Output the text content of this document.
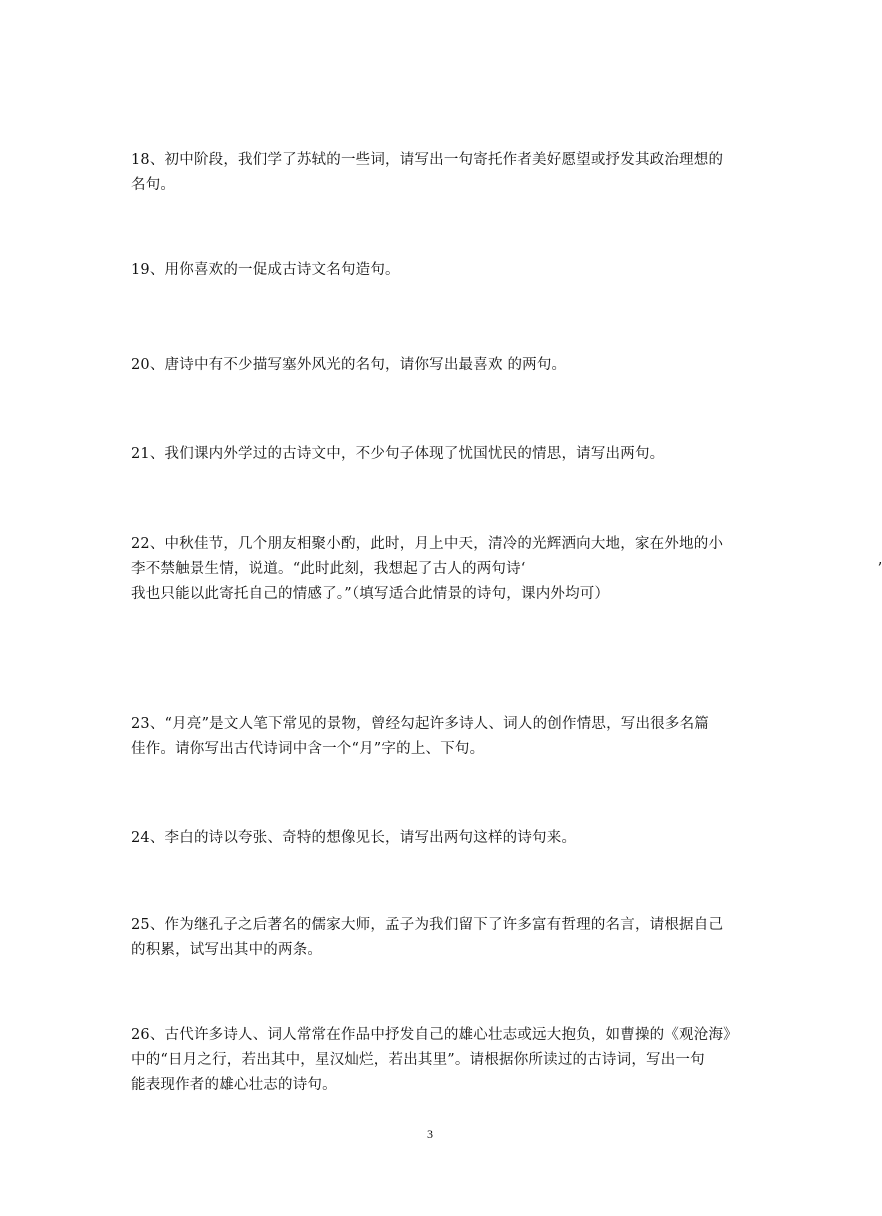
18、初中阶段，我们学了苏轼的一些词，请写出一句寄托作者美好愿望或抒发其政治理想的
名句。
19、用你喜欢的一促成古诗文名句造句。
20、唐诗中有不少描写塞外风光的名句，请你写出最喜欢 的两句。
21、我们课内外学过的古诗文中，不少句子体现了忧国忧民的情思，请写出两句。
22、中秋佳节，几个朋友相聚小酌，此时，月上中天，清冷的光辉洒向大地，家在外地的小
李不禁触景生情，说道。“此时此刻，我想起了古人的两句诗‘	’
我也只能以此寄托自己的情感了。”（填写适合此情景的诗句，课内外均可）
23、“月亮”是文人笔下常见的景物，曾经勾起许多诗人、词人的创作情思，写出很多名篇
佳作。请你写出古代诗词中含一个“月”字的上、下句。
24、李白的诗以夸张、奇特的想像见长，请写出两句这样的诗句来。
25、作为继孔子之后著名的儒家大师，孟子为我们留下了许多富有哲理的名言，请根据自己
的积累，试写出其中的两条。
26、古代许多诗人、词人常常在作品中抒发自己的雄心壮志或远大抱负，如曹操的《观沧海》
中的“日月之行，若出其中，星汉灿烂，若出其里”。请根据你所读过的古诗词，写出一句
能表现作者的雄心壮志的诗句。
3
